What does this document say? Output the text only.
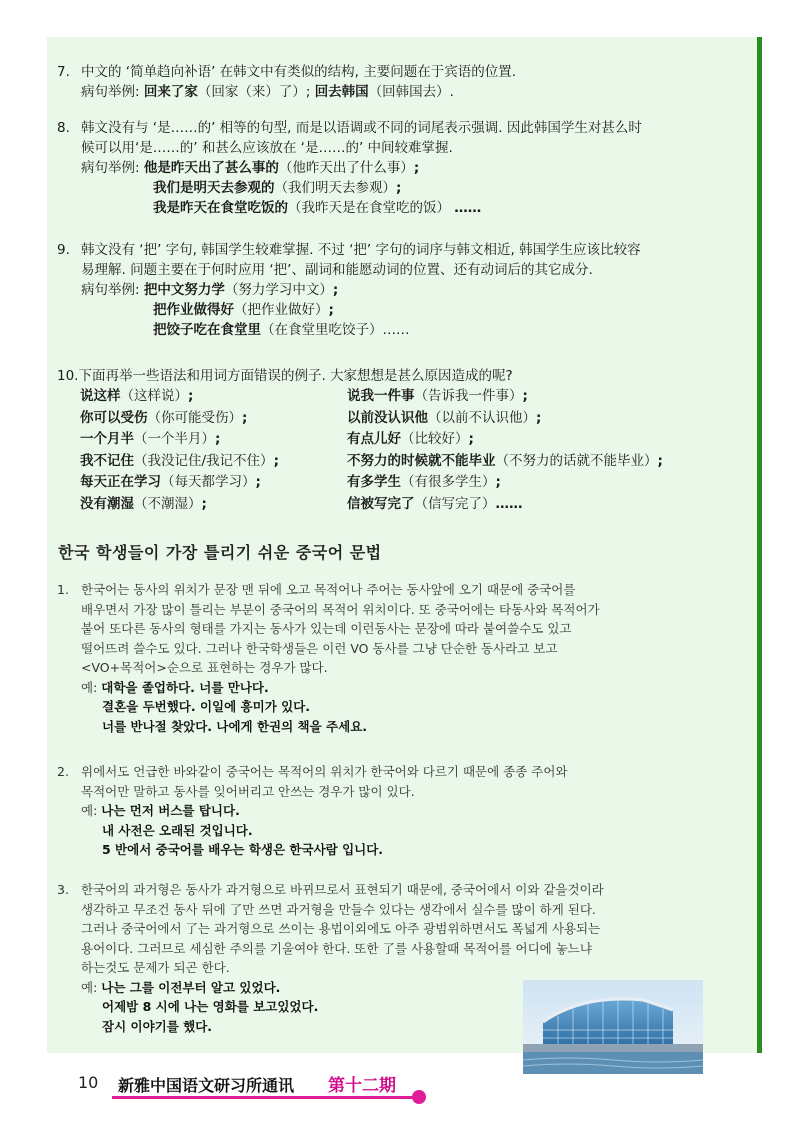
7. 中文的 ‘简单趋向补语’ 在韩文中有类似的结构, 主要问题在于宾语的位置.
病句举例: 回来了家（回家（来）了）; 回去韩国（回韩国去）.
8. 韩文没有与 ‘是……的’ 相等的句型, 而是以语调或不同的词尾表示强调. 因此韩国学生对甚么时
候可以用‘是……的’ 和甚么应该放在 ‘是……的’ 中间较难掌握.
病句举例: 他是昨天出了甚么事的（他昨天出了什么事）;
我们是明天去参观的（我们明天去参观）;
我是昨天在食堂吃饭的（我昨天是在食堂吃的饭） ……
9. 韩文没有 ‘把’ 字句, 韩国学生较难掌握. 不过 ‘把’ 字句的词序与韩文相近, 韩国学生应该比较容
易理解. 问题主要在于何时应用 ‘把’、副词和能愿动词的位置、还有动词后的其它成分.
病句举例: 把中文努力学（努力学习中文）;
把作业做得好（把作业做好）;
把饺子吃在食堂里（在食堂里吃饺子）……
10.下面再举一些语法和用词方面错误的例子. 大家想想是甚么原因造成的呢?
说这样（这样说）;	说我一件事（告诉我一件事）;
你可以受伤（你可能受伤）;	以前没认识他（以前不认识他）;
一个月半（一个半月）;	有点儿好（比较好）;
我不记住（我没记住/我记不住）;	不努力的时候就不能毕业（不努力的话就不能毕业）;
每天正在学习（每天都学习）;	有多学生（有很多学生）;
没有潮湿（不潮湿）;	信被写完了（信写完了）……
한국 학생들이 가장 틀리기 쉬운 중국어 문법
1. 한국어는 동사의 위치가 문장 맨 뒤에 오고 목적어나 주어는 동사앞에 오기 때문에 중국어를
배우면서 가장 많이 틀리는 부분이 중국어의 목적어 위치이다. 또 중국어에는 타동사와 목적어가
붙어 또다른 동사의 형태를 가지는 동사가 있는데 이런동사는 문장에 따라 붙여쓸수도 있고
떨어뜨려 쓸수도 있다. 그러나 한국학생들은 이런 VO 동사를 그냥 단순한 동사라고 보고
<VO+목적어>순으로 표현하는 경우가 많다.
예: 대학을 졸업하다. 너를 만나다.
결혼을 두번했다. 이일에 흥미가 있다.
너를 반나절 찾았다. 나에게 한권의 책을 주세요.
2. 위에서도 언급한 바와같이 중국어는 목적어의 위치가 한국어와 다르기 때문에 종종 주어와
목적어만 말하고 동사를 잊어버리고 안쓰는 경우가 많이 있다.
예: 나는 먼저 버스를 탑니다.
내 사전은 오래된 것입니다.
5 반에서 중국어를 배우는 학생은 한국사람 입니다.
3. 한국어의 과거형은 동사가 과거형으로 바뀌므로서 표현되기 때문에, 중국어에서 이와 같을것이라
생각하고 무조건 동사 뒤에 了만 쓰면 과거형을 만들수 있다는 생각에서 실수를 많이 하게 된다.
그러나 중국어에서 了는 과거형으로 쓰이는 용법이외에도 아주 광범위하면서도 폭넓게 사용되는
용어이다. 그러므로 세심한 주의를 기울여야 한다. 또한 了를 사용할때 목적어를 어디에 놓느냐
하는것도 문제가 되곤 한다.
예: 나는 그를 이전부터 알고 있었다.
어제밤 8 시에 나는 영화를 보고있었다.
잠시 이야기를 했다.
10 新雅中国语文研习所通讯 第十二期
